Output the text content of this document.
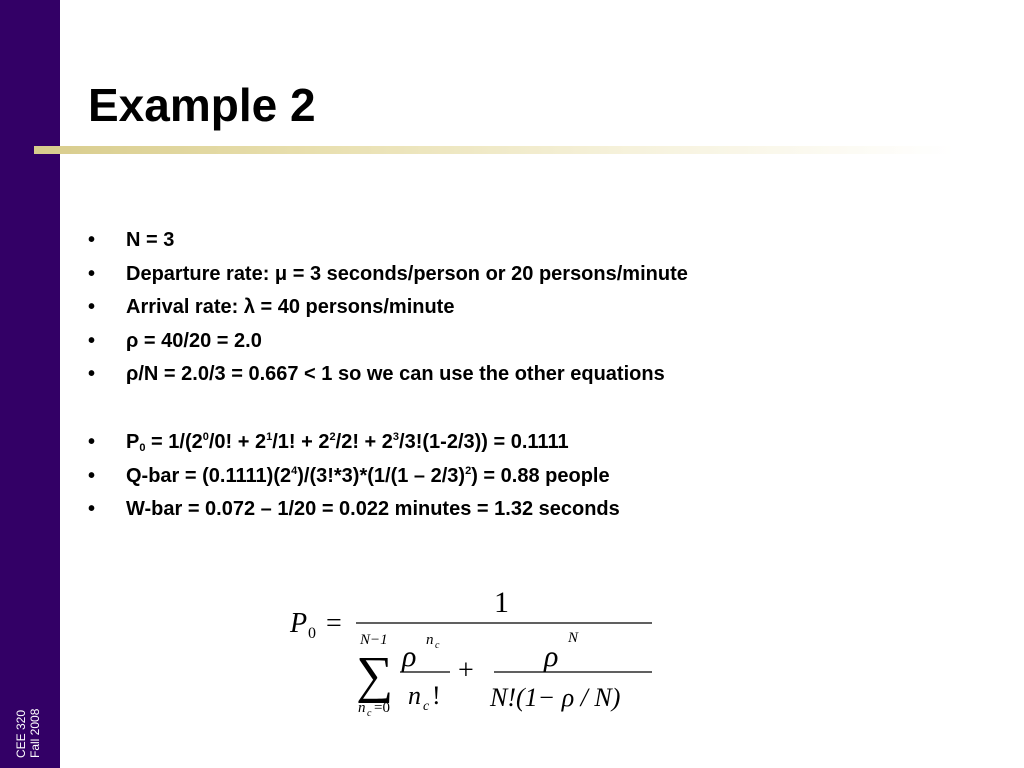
CEE 320 Fall 2008
Example 2
• N = 3
• Departure rate: μ = 3 seconds/person or 20 persons/minute
• Arrival rate: λ = 40 persons/minute
• ρ = 40/20 = 2.0
• ρ/N = 2.0/3 = 0.667 < 1 so we can use the other equations
• $P_0 = 1/(2^0/0$! + $2^1/1$! + $2^2/2$! + $2^3/3!(1-2/3)) = 0.1111$
• $Q-bar = (0.1111)(2^4)/(3!*3)*(1/(1 - 2/3)^2) = 0.88$ people
• W-bar = 0.072 – 1/20 = 0.022 minutes = 1.32 seconds
P 0 =
1
N−1
∑
n c =0
ρ n c
n c !
+ ρ
N
N!(1− ρ / N)
